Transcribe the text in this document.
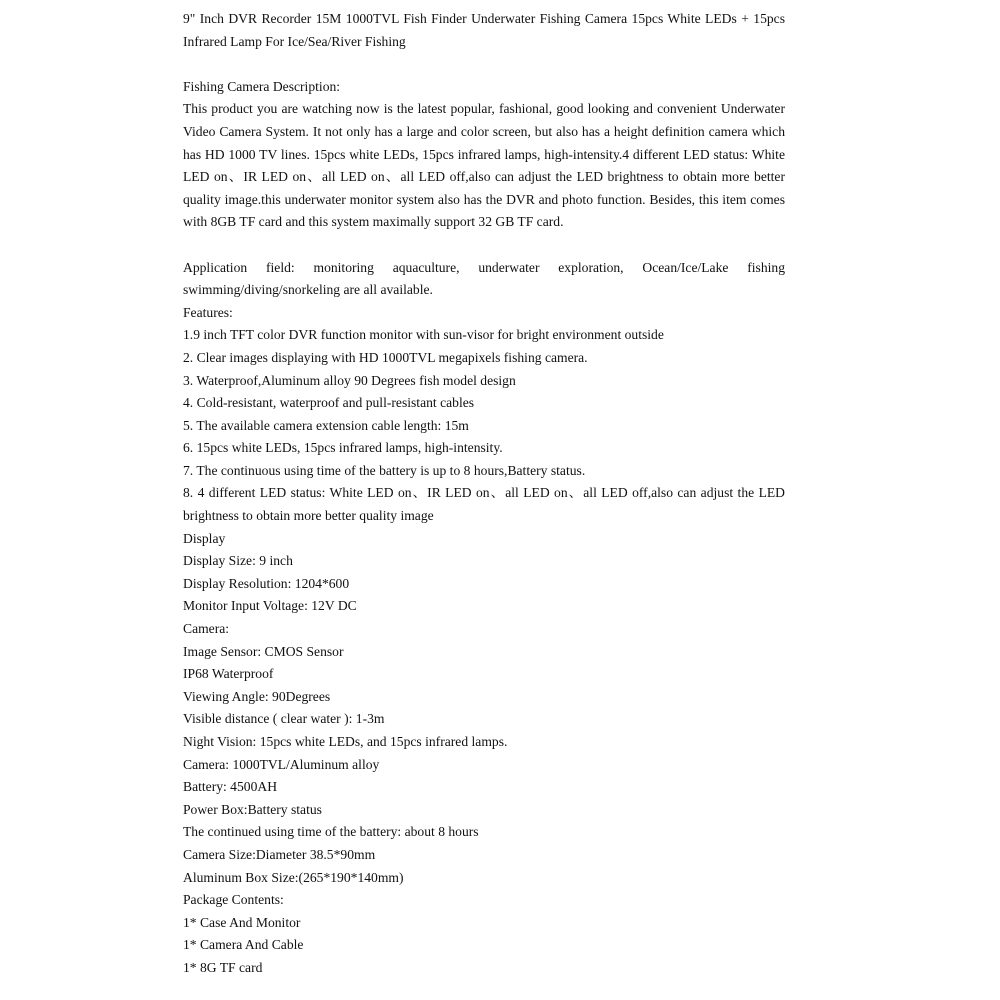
9" Inch DVR Recorder 15M 1000TVL Fish Finder Underwater Fishing Camera 15pcs White LEDs + 15pcs Infrared Lamp For Ice/Sea/River Fishing

Fishing Camera Description:

This product you are watching now is the latest popular, fashional, good looking and convenient Underwater Video Camera System. It not only has a large and color screen, but also has a height definition camera which has HD 1000 TV lines. 15pcs white LEDs, 15pcs infrared lamps, high-intensity.4 different LED status: White LED on、IR LED on、all LED on、all LED off,also can adjust the LED brightness to obtain more better quality image.this underwater monitor system also has the DVR and photo function. Besides, this item comes with 8GB TF card and this system maximally support 32 GB TF card.

Application field: monitoring aquaculture, underwater exploration, Ocean/Ice/Lake fishing swimming/diving/snorkeling are all available.

Features:

1.9 inch TFT color DVR function monitor with sun-visor for bright environment outside

2. Clear images displaying with HD 1000TVL megapixels fishing camera.

3. Waterproof,Aluminum alloy 90 Degrees fish model design

4. Cold-resistant, waterproof and pull-resistant cables

5. The available camera extension cable length: 15m

6. 15pcs white LEDs, 15pcs infrared lamps, high-intensity.

7. The continuous using time of the battery is up to 8 hours,Battery status.

8. 4 different LED status: White LED on、IR LED on、all LED on、all LED off,also can adjust the LED brightness to obtain more better quality image

Display

Display Size: 9 inch

Display Resolution: 1204*600

Monitor Input Voltage: 12V DC

Camera:

Image Sensor: CMOS Sensor

IP68 Waterproof

Viewing Angle: 90Degrees

Visible distance ( clear water ): 1-3m

Night Vision: 15pcs white LEDs, and 15pcs infrared lamps.

Camera: 1000TVL/Aluminum alloy

Battery: 4500AH

Power Box:Battery status

The continued using time of the battery: about 8 hours

Camera Size:Diameter 38.5*90mm

Aluminum Box Size:(265*190*140mm)

Package Contents:

1* Case And Monitor

1* Camera And Cable

1* 8G TF card
